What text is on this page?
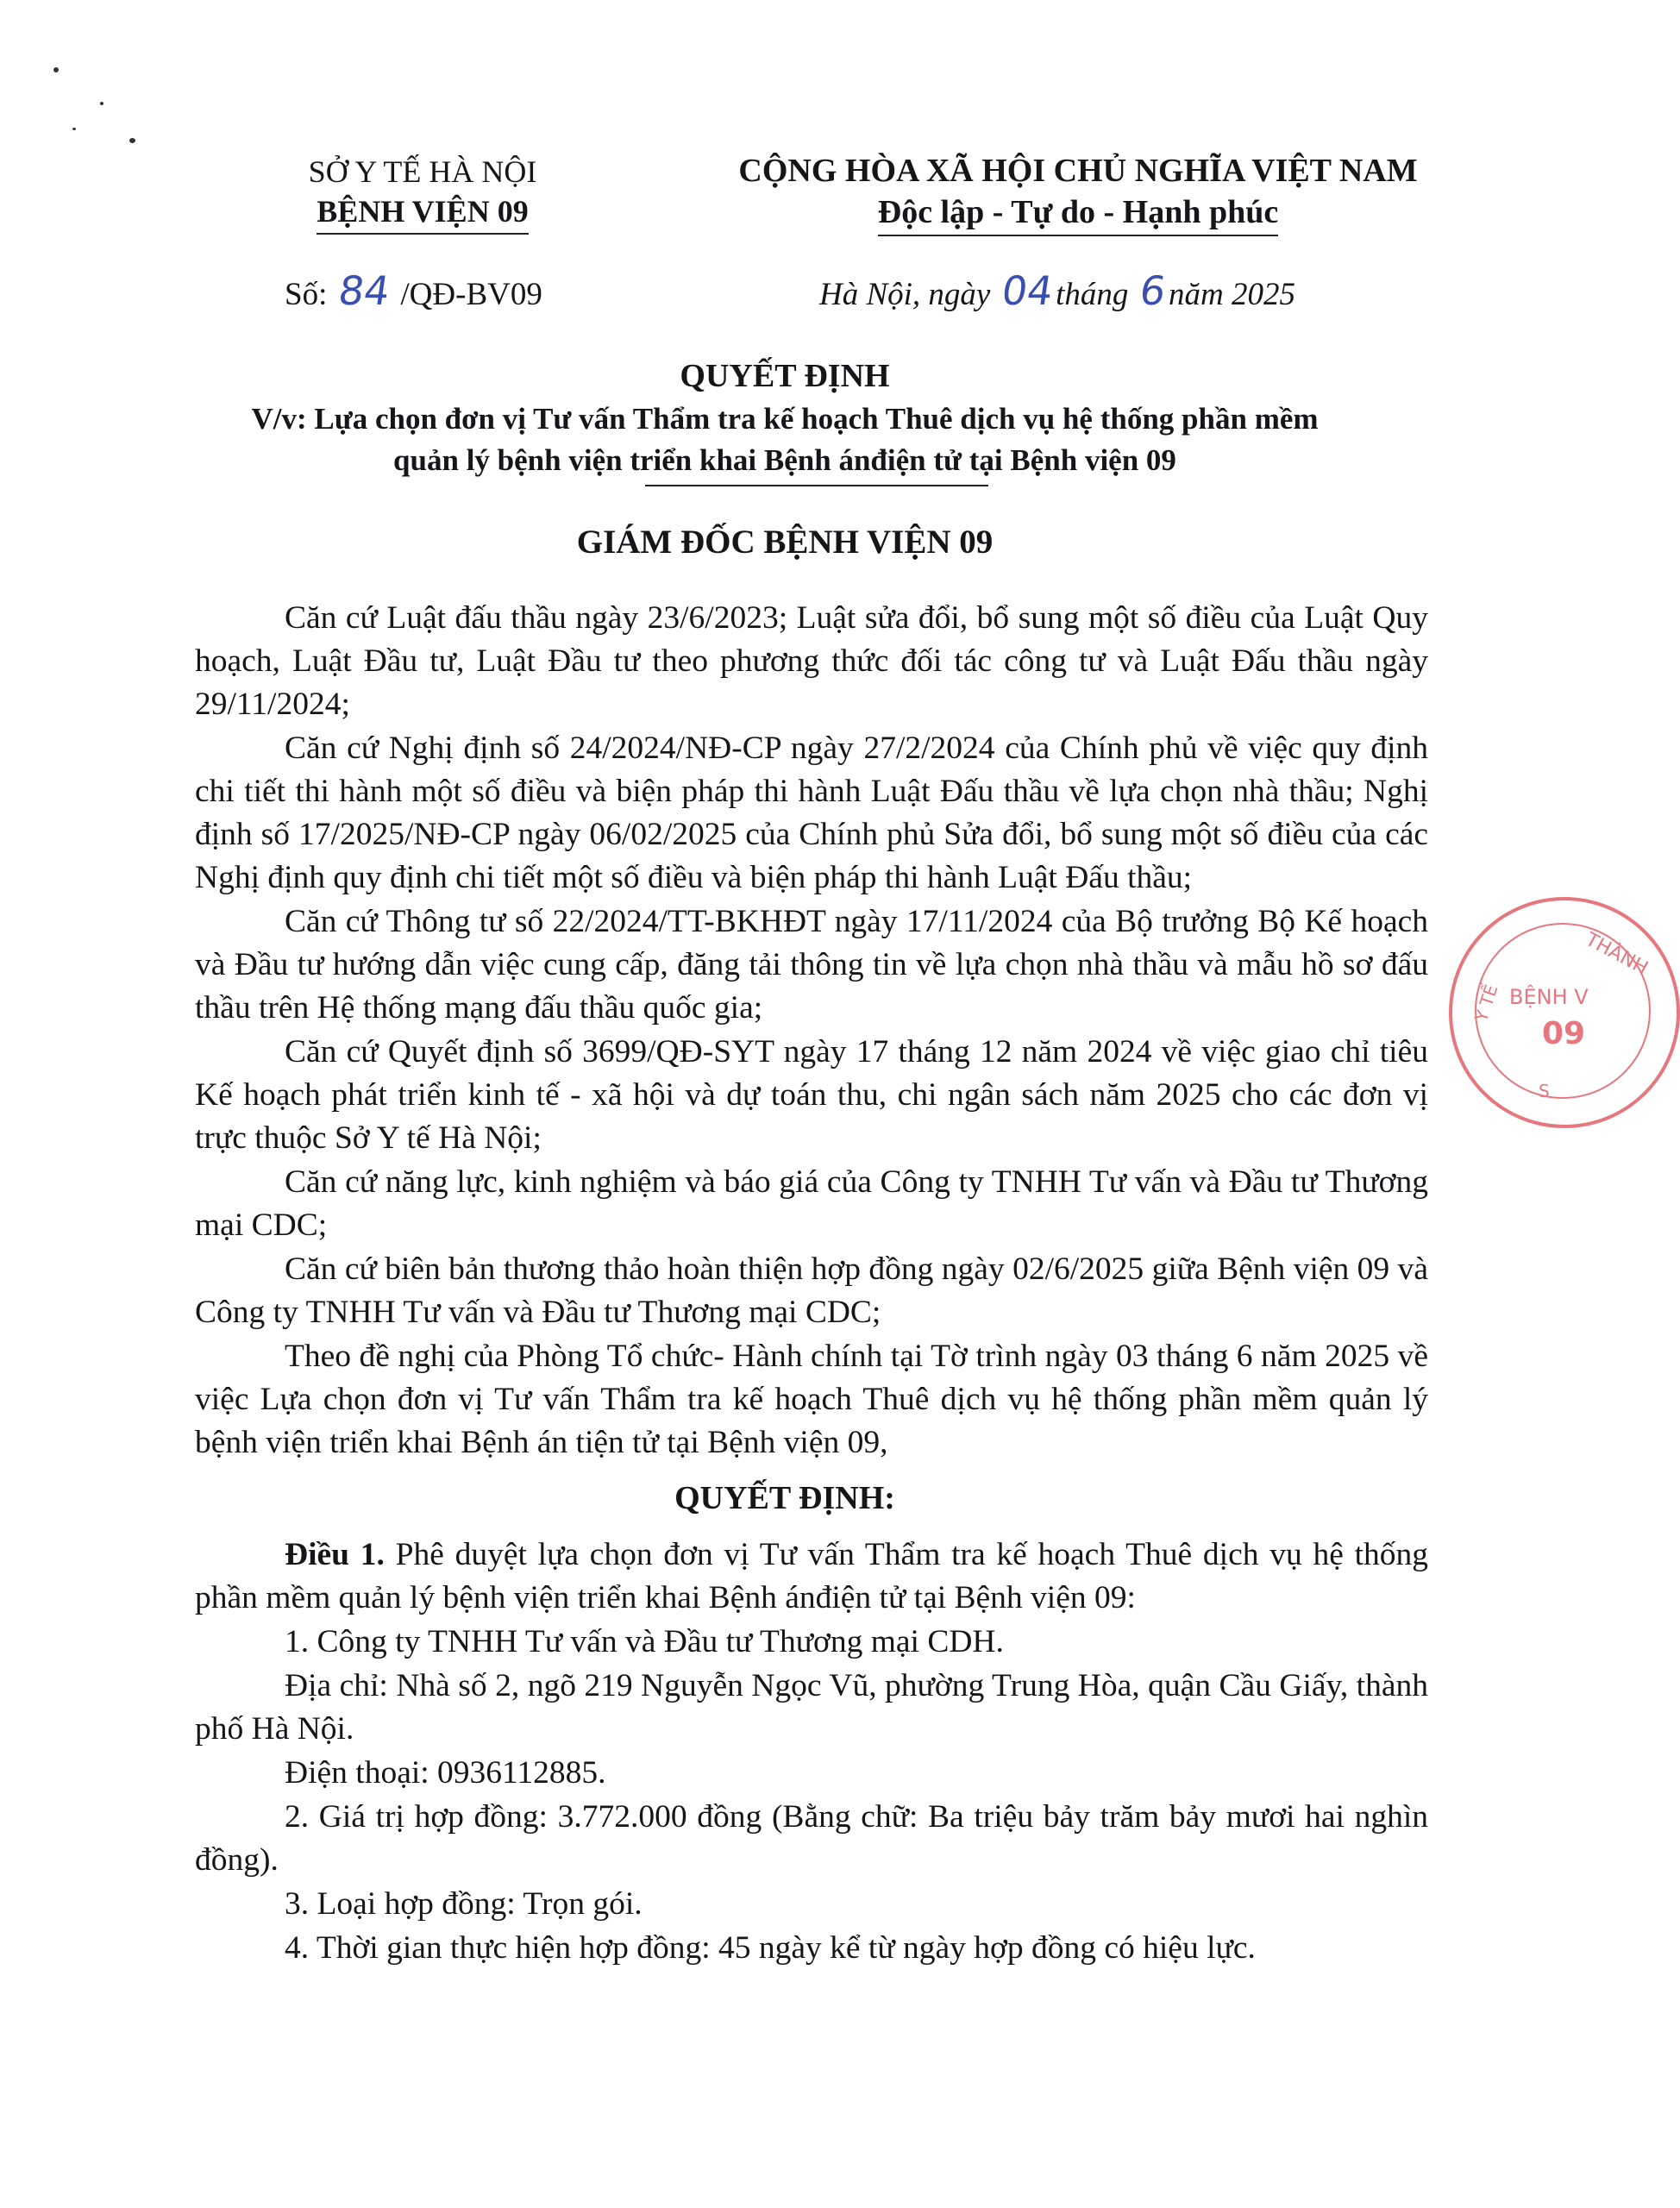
SỞ Y TẾ HÀ NỘI
BỆNH VIỆN 09
CỘNG HÒA XÃ HỘI CHỦ NGHĨA VIỆT NAM
Độc lập - Tự do - Hạnh phúc
Số: 84 /QĐ-BV09	Hà Nội, ngày 04tháng 6năm 2025
QUYẾT ĐỊNH
V/v: Lựa chọn đơn vị Tư vấn Thẩm tra kế hoạch Thuê dịch vụ hệ thống phần mềm
quản lý bệnh viện triển khai Bệnh ánđiện tử tại Bệnh viện 09
GIÁM ĐỐC BỆNH VIỆN 09

Căn cứ Luật đấu thầu ngày 23/6/2023; Luật sửa đổi, bổ sung một số điều của Luật Quy hoạch, Luật Đầu tư, Luật Đầu tư theo phương thức đối tác công tư và Luật Đấu thầu ngày 29/11/2024;

Căn cứ Nghị định số 24/2024/NĐ-CP ngày 27/2/2024 của Chính phủ về việc quy định chi tiết thi hành một số điều và biện pháp thi hành Luật Đấu thầu về lựa chọn nhà thầu; Nghị định số 17/2025/NĐ-CP ngày 06/02/2025 của Chính phủ Sửa đổi, bổ sung một số điều của các Nghị định quy định chi tiết một số điều và biện pháp thi hành Luật Đấu thầu;

Căn cứ Thông tư số 22/2024/TT-BKHĐT ngày 17/11/2024 của Bộ trưởng Bộ Kế hoạch và Đầu tư hướng dẫn việc cung cấp, đăng tải thông tin về lựa chọn nhà thầu và mẫu hồ sơ đấu thầu trên Hệ thống mạng đấu thầu quốc gia;

Căn cứ Quyết định số 3699/QĐ-SYT ngày 17 tháng 12 năm 2024 về việc giao chỉ tiêu Kế hoạch phát triển kinh tế - xã hội và dự toán thu, chi ngân sách năm 2025 cho các đơn vị trực thuộc Sở Y tế Hà Nội;

Căn cứ năng lực, kinh nghiệm và báo giá của Công ty TNHH Tư vấn và Đầu tư Thương mại CDC;

Căn cứ biên bản thương thảo hoàn thiện hợp đồng ngày 02/6/2025 giữa Bệnh viện 09 và Công ty TNHH Tư vấn và Đầu tư Thương mại CDC;

Theo đề nghị của Phòng Tổ chức- Hành chính tại Tờ trình ngày 03 tháng 6 năm 2025 về việc Lựa chọn đơn vị Tư vấn Thẩm tra kế hoạch Thuê dịch vụ hệ thống phần mềm quản lý bệnh viện triển khai Bệnh án tiện tử tại Bệnh viện 09,

QUYẾT ĐỊNH:

Điều 1. Phê duyệt lựa chọn đơn vị Tư vấn Thẩm tra kế hoạch Thuê dịch vụ hệ thống phần mềm quản lý bệnh viện triển khai Bệnh ánđiện tử tại Bệnh viện 09:

1. Công ty TNHH Tư vấn và Đầu tư Thương mại CDH.

Địa chỉ: Nhà số 2, ngõ 219 Nguyễn Ngọc Vũ, phường Trung Hòa, quận Cầu Giấy, thành phố Hà Nội.

Điện thoại: 0936112885.

2. Giá trị hợp đồng: 3.772.000 đồng (Bằng chữ: Ba triệu bảy trăm bảy mươi hai nghìn đồng).

3. Loại hợp đồng: Trọn gói.

4. Thời gian thực hiện hợp đồng: 45 ngày kể từ ngày hợp đồng có hiệu lực.

THÀNH
Y TẾ BỆNH V
09
S
